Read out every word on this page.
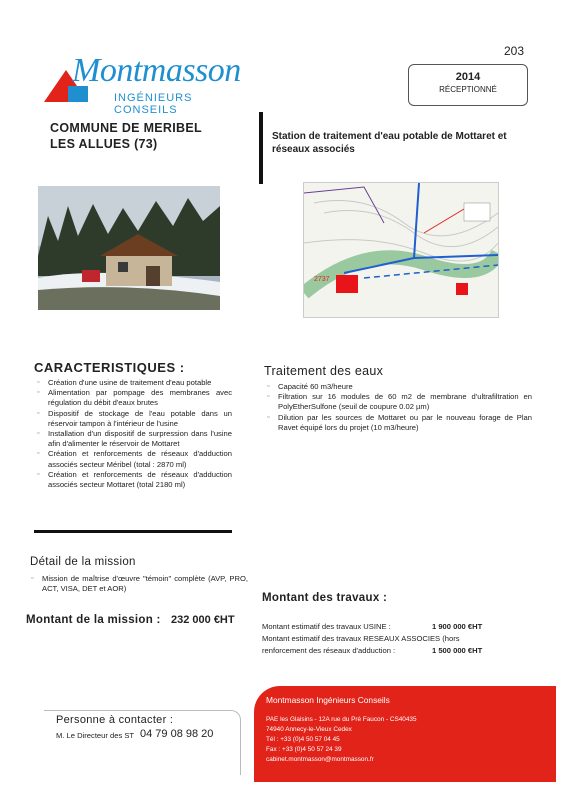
203
Montmasson
INGÉNIEURS CONSEILS
2014
RÉCEPTIONNÉ
COMMUNE DE MERIBEL
LES ALLUES (73)
Station de traitement d'eau potable de Mottaret et réseaux associés
2737
CARACTERISTIQUES :
▫ Création d'une usine de traitement d'eau potable
▫ Alimentation par pompage des membranes avec régulation du débit d'eaux brutes
▫ Dispositif de stockage de l'eau potable dans un réservoir tampon à l'intérieur de l'usine
▫ Installation d'un dispositif de surpression dans l'usine afin d'alimenter le réservoir de Mottaret
▫ Création et renforcements de réseaux d'adduction associés secteur Méribel (total : 2870 ml)
▫ Création et renforcements de réseaux d'adduction associés secteur Mottaret (total 2180 ml)
Traitement des eaux
▫ Capacité 60 m3/heure
▫ Filtration sur 16 modules de 60 m2 de membrane d'ultrafiltration en PolyEtherSulfone (seuil de coupure 0.02 µm)
▫ Dilution par les sources de Mottaret ou par le nouveau forage de Plan Ravet équipé lors du projet (10 m3/heure)
Détail de la mission
▫ Mission de maîtrise d'œuvre "témoin" complète (AVP, PRO, ACT, VISA, DET et AOR)
Montant de la mission : 232 000 €HT
Montant des travaux :
Montant estimatif des travaux USINE :	1 900 000 €HT
Montant estimatif des travaux RESEAUX ASSOCIES (hors
renforcement des réseaux d'adduction :	1 500 000 €HT
Personne à contacter :
M. Le Directeur des ST 04 79 08 98 20
Montmasson Ingénieurs Conseils
PAE les Glaisins - 12A rue du Pré Faucon - CS40435
74940 Annecy-le-Vieux Cedex
Tél : +33 (0)4 50 57 04 45
Fax : +33 (0)4 50 57 24 39
cabinet.montmasson@montmasson.fr
